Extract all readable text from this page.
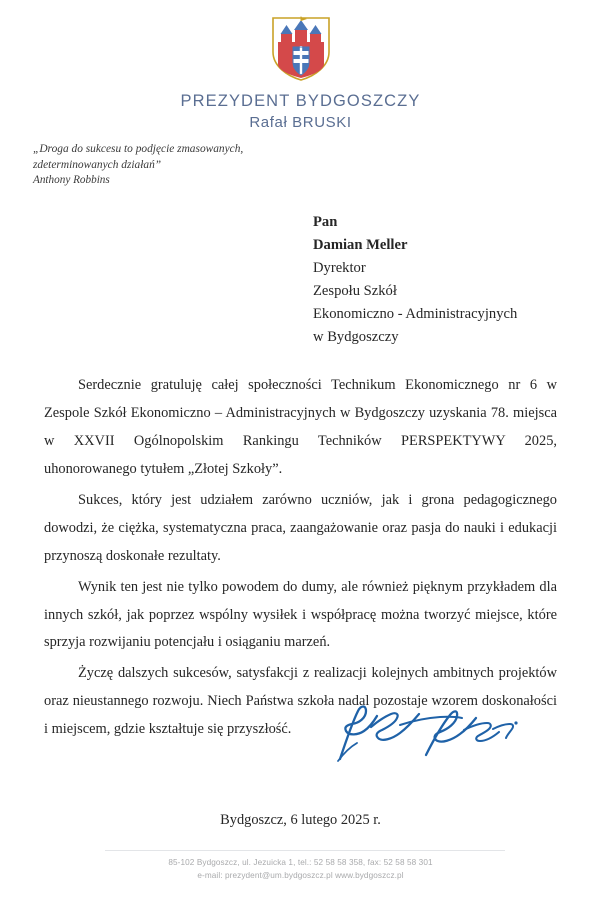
PREZYDENT BYDGOSZCZY
Rafał BRUSKI
„Droga do sukcesu to podjęcie zmasowanych,
zdeterminowanych działań”
Anthony Robbins
Pan
Damian Meller
Dyrektor
Zespołu Szkół
Ekonomiczno - Administracyjnych
w Bydgoszczy

Serdecznie gratuluję całej społeczności Technikum Ekonomicznego nr 6 w Zespole Szkół Ekonomiczno – Administracyjnych w Bydgoszczy uzyskania 78. miejsca w XXVII Ogólnopolskim Rankingu Techników PERSPEKTYWY 2025, uhonorowanego tytułem „Złotej Szkoły”.

Sukces, który jest udziałem zarówno uczniów, jak i grona pedagogicznego dowodzi, że ciężka, systematyczna praca, zaangażowanie oraz pasja do nauki i edukacji przynoszą doskonałe rezultaty.

Wynik ten jest nie tylko powodem do dumy, ale również pięknym przykładem dla innych szkół, jak poprzez wspólny wysiłek i współpracę można tworzyć miejsce, które sprzyja rozwijaniu potencjału i osiąganiu marzeń.

Życzę dalszych sukcesów, satysfakcji z realizacji kolejnych ambitnych projektów oraz nieustannego rozwoju. Niech Państwa szkoła nadal pozostaje wzorem doskonałości i miejscem, gdzie kształtuje się przyszłość.

Bydgoszcz, 6 lutego 2025 r.
85-102 Bydgoszcz, ul. Jezuicka 1, tel.: 52 58 58 358, fax: 52 58 58 301
e-mail: prezydent@um.bydgoszcz.pl www.bydgoszcz.pl
